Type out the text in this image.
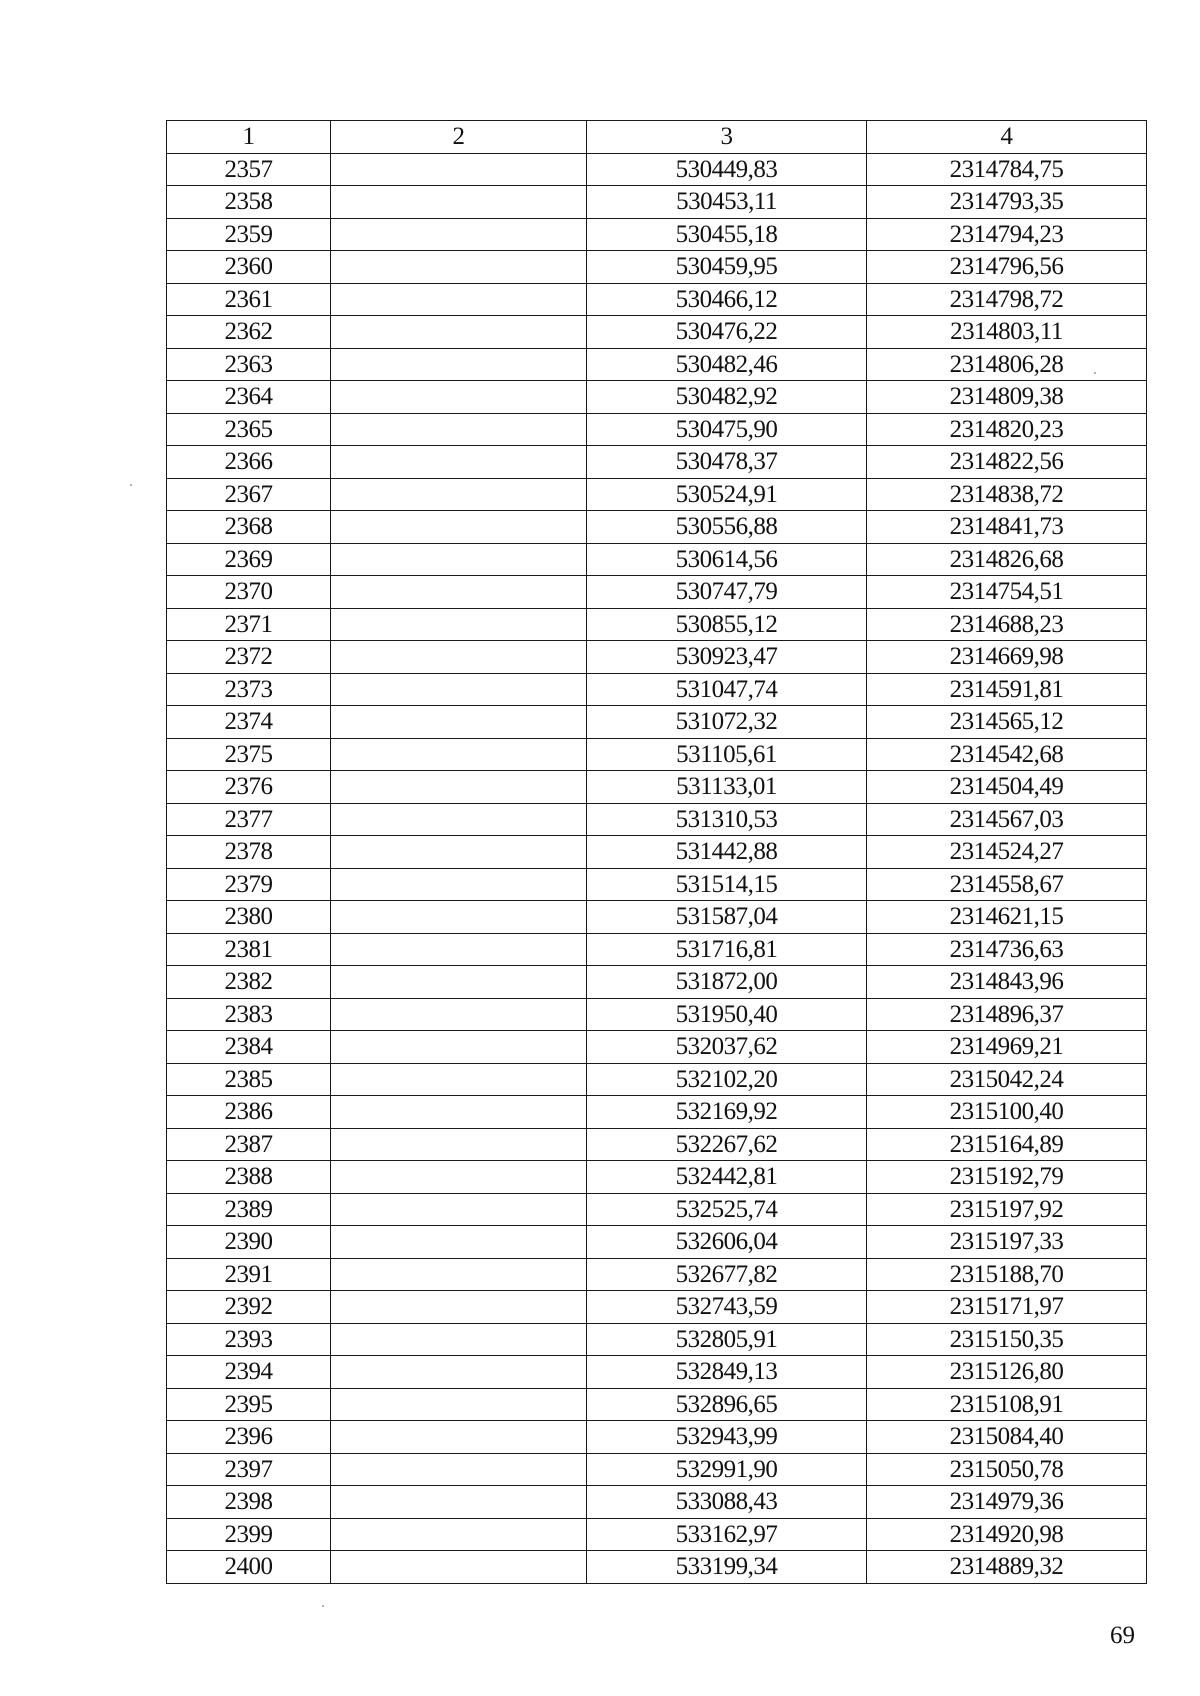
1	2	3	4
2357		530449,83	2314784,75
2358		530453,11	2314793,35
2359		530455,18	2314794,23
2360		530459,95	2314796,56
2361		530466,12	2314798,72
2362		530476,22	2314803,11
2363		530482,46	2314806,28
2364		530482,92	2314809,38
2365		530475,90	2314820,23
2366		530478,37	2314822,56
2367		530524,91	2314838,72
2368		530556,88	2314841,73
2369		530614,56	2314826,68
2370		530747,79	2314754,51
2371		530855,12	2314688,23
2372		530923,47	2314669,98
2373		531047,74	2314591,81
2374		531072,32	2314565,12
2375		531105,61	2314542,68
2376		531133,01	2314504,49
2377		531310,53	2314567,03
2378		531442,88	2314524,27
2379		531514,15	2314558,67
2380		531587,04	2314621,15
2381		531716,81	2314736,63
2382		531872,00	2314843,96
2383		531950,40	2314896,37
2384		532037,62	2314969,21
2385		532102,20	2315042,24
2386		532169,92	2315100,40
2387		532267,62	2315164,89
2388		532442,81	2315192,79
2389		532525,74	2315197,92
2390		532606,04	2315197,33
2391		532677,82	2315188,70
2392		532743,59	2315171,97
2393		532805,91	2315150,35
2394		532849,13	2315126,80
2395		532896,65	2315108,91
2396		532943,99	2315084,40
2397		532991,90	2315050,78
2398		533088,43	2314979,36
2399		533162,97	2314920,98
2400		533199,34	2314889,32
69
